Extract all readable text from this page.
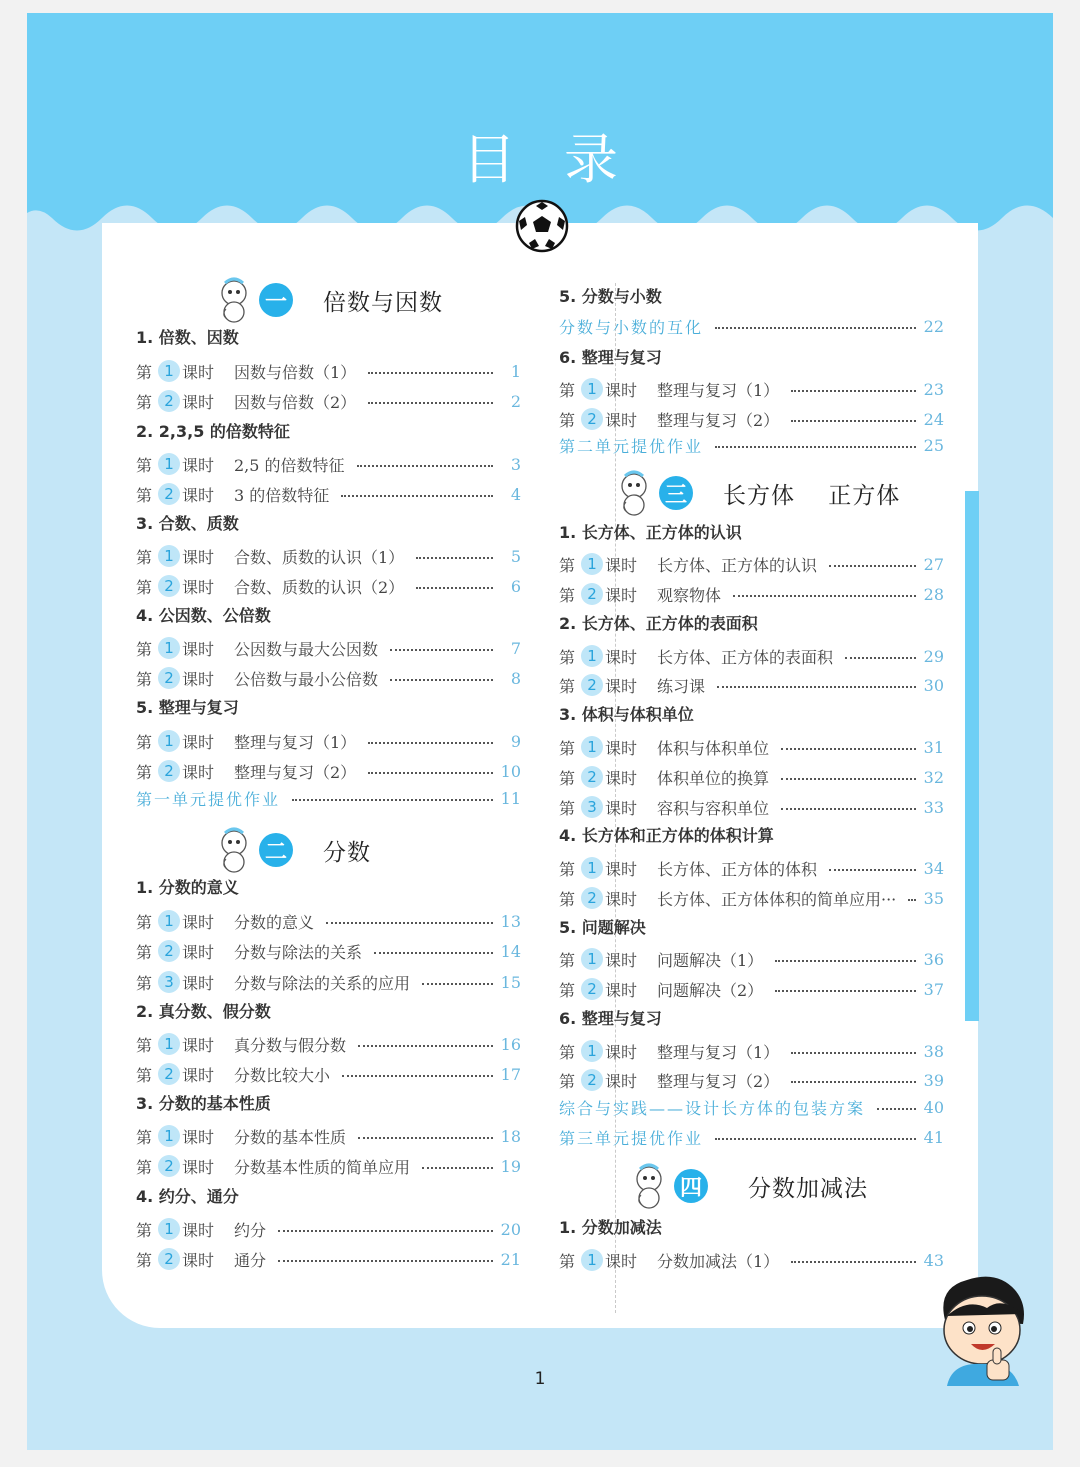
目录
一 倍数与因数
二 分数
三 长方体    正方体
四 分数加减法
1. 倍数、因数
2. 2,3,5 的倍数特征
3. 合数、质数
4. 公因数、公倍数
5. 整理与复习
1. 分数的意义
2. 真分数、假分数
3. 分数的基本性质
4. 约分、通分
第 1 课时	因数与倍数（1）	1
第 2 课时	因数与倍数（2）	2
第 1 课时	2,5 的倍数特征	3
第 2 课时	3 的倍数特征	4
第 1 课时	合数、质数的认识（1）	5
第 2 课时	合数、质数的认识（2）	6
第 1 课时	公因数与最大公因数	7
第 2 课时	公倍数与最小公倍数	8
第 1 课时	整理与复习（1）	9
第 2 课时	整理与复习（2）	10
第一单元提优作业	11
第 1 课时	分数的意义	13
第 2 课时	分数与除法的关系	14
第 3 课时	分数与除法的关系的应用	15
第 1 课时	真分数与假分数	16
第 2 课时	分数比较大小	17
第 1 课时	分数的基本性质	18
第 2 课时	分数基本性质的简单应用	19
第 1 课时	约分	20
第 2 课时	通分	21
5. 分数与小数
6. 整理与复习
1. 长方体、正方体的认识
2. 长方体、正方体的表面积
3. 体积与体积单位
4. 长方体和正方体的体积计算
5. 问题解决
6. 整理与复习
1. 分数加减法
分数与小数的互化	22
第 1 课时	整理与复习（1）	23
第 2 课时	整理与复习（2）	24
第二单元提优作业	25
第 1 课时	长方体、正方体的认识	27
第 2 课时	观察物体	28
第 1 课时	长方体、正方体的表面积	29
第 2 课时	练习课	30
第 1 课时	体积与体积单位	31
第 2 课时	体积单位的换算	32
第 3 课时	容积与容积单位	33
第 1 课时	长方体、正方体的体积	34
第 2 课时	长方体、正方体体积的简单应用··· 35
第 1 课时	问题解决（1）	36
第 2 课时	问题解决（2）	37
第 1 课时	整理与复习（1）	38
第 2 课时	整理与复习（2）	39
综合与实践——设计长方体的包装方案	40
第三单元提优作业	41
第 1 课时	分数加减法（1）	43
1
